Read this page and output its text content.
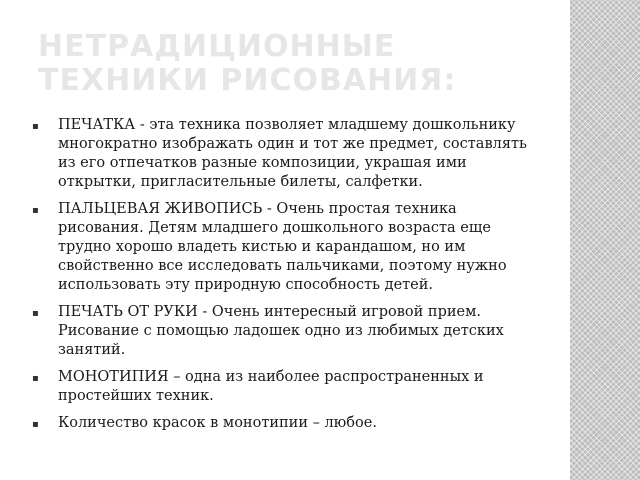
НЕТРАДИЦИОННЫЕ ТЕХНИКИ РИСОВАНИЯ:
▪ ПЕЧАТКА - эта техника позволяет младшему дошкольнику многократно изображать один и тот же предмет, составлять из его отпечатков разные композиции, украшая ими открытки, пригласительные билеты, салфетки.
▪ ПАЛЬЦЕВАЯ ЖИВОПИСЬ - Очень простая техника рисования. Детям младшего дошкольного возраста еще трудно хорошо владеть кистью и карандашом, но им свойственно все исследовать пальчиками, поэтому нужно использовать эту природную способность детей.
▪ ПЕЧАТЬ ОТ РУКИ - Очень интересный игровой прием. Рисование с помощью ладошек одно из любимых детских занятий.
▪ МОНОТИПИЯ – одна из наиболее распространенных и простейших техник.
▪ Количество красок в монотипии – любое.
